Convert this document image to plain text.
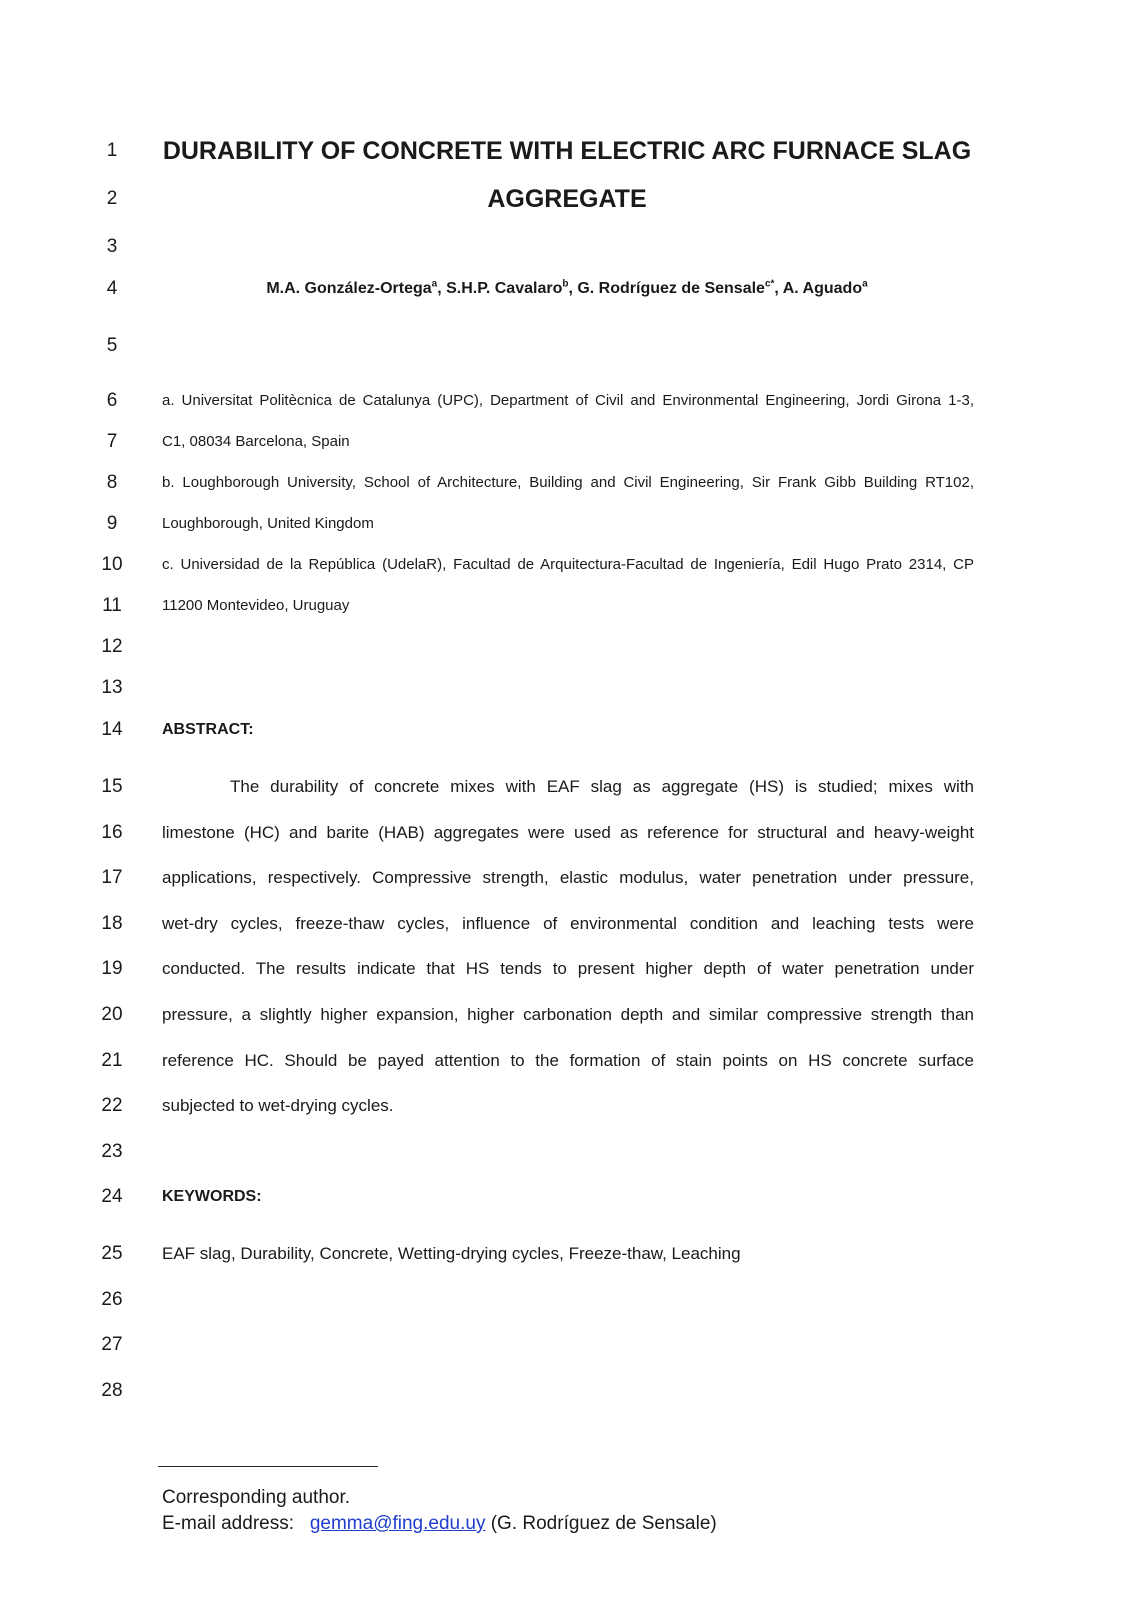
1
2
3
4
5
6
7
8
9
10
11
12
13
14
15
16
17
18
19
20
21
22
23
24
25
26
27
28
DURABILITY OF CONCRETE WITH ELECTRIC ARC FURNACE SLAG
AGGREGATE
M.A. González-Ortega$^a$, S.H.P. Cavalaro$^b$, G. Rodríguez de Sensale$^{c*}$, A. Aguado$^a$
a. Universitat Politècnica de Catalunya (UPC), Department of Civil and Environmental Engineering, Jordi Girona 1-3,
C1, 08034 Barcelona, Spain
b. Loughborough University, School of Architecture, Building and Civil Engineering, Sir Frank Gibb Building RT102,
Loughborough, United Kingdom
c. Universidad de la República (UdelaR), Facultad de Arquitectura-Facultad de Ingeniería, Edil Hugo Prato 2314, CP
11200 Montevideo, Uruguay
ABSTRACT:
The durability of concrete mixes with EAF slag as aggregate (HS) is studied; mixes with
limestone (HC) and barite (HAB) aggregates were used as reference for structural and heavy-weight
applications, respectively. Compressive strength, elastic modulus, water penetration under pressure,
wet-dry cycles, freeze-thaw cycles, influence of environmental condition and leaching tests were
conducted. The results indicate that HS tends to present higher depth of water penetration under
pressure, a slightly higher expansion, higher carbonation depth and similar compressive strength than
reference HC. Should be payed attention to the formation of stain points on HS concrete surface
subjected to wet-drying cycles.
KEYWORDS:
EAF slag, Durability, Concrete, Wetting-drying cycles, Freeze-thaw, Leaching
Corresponding author.
E-mail address: gemma@fing.edu.uy (G. Rodríguez de Sensale)
